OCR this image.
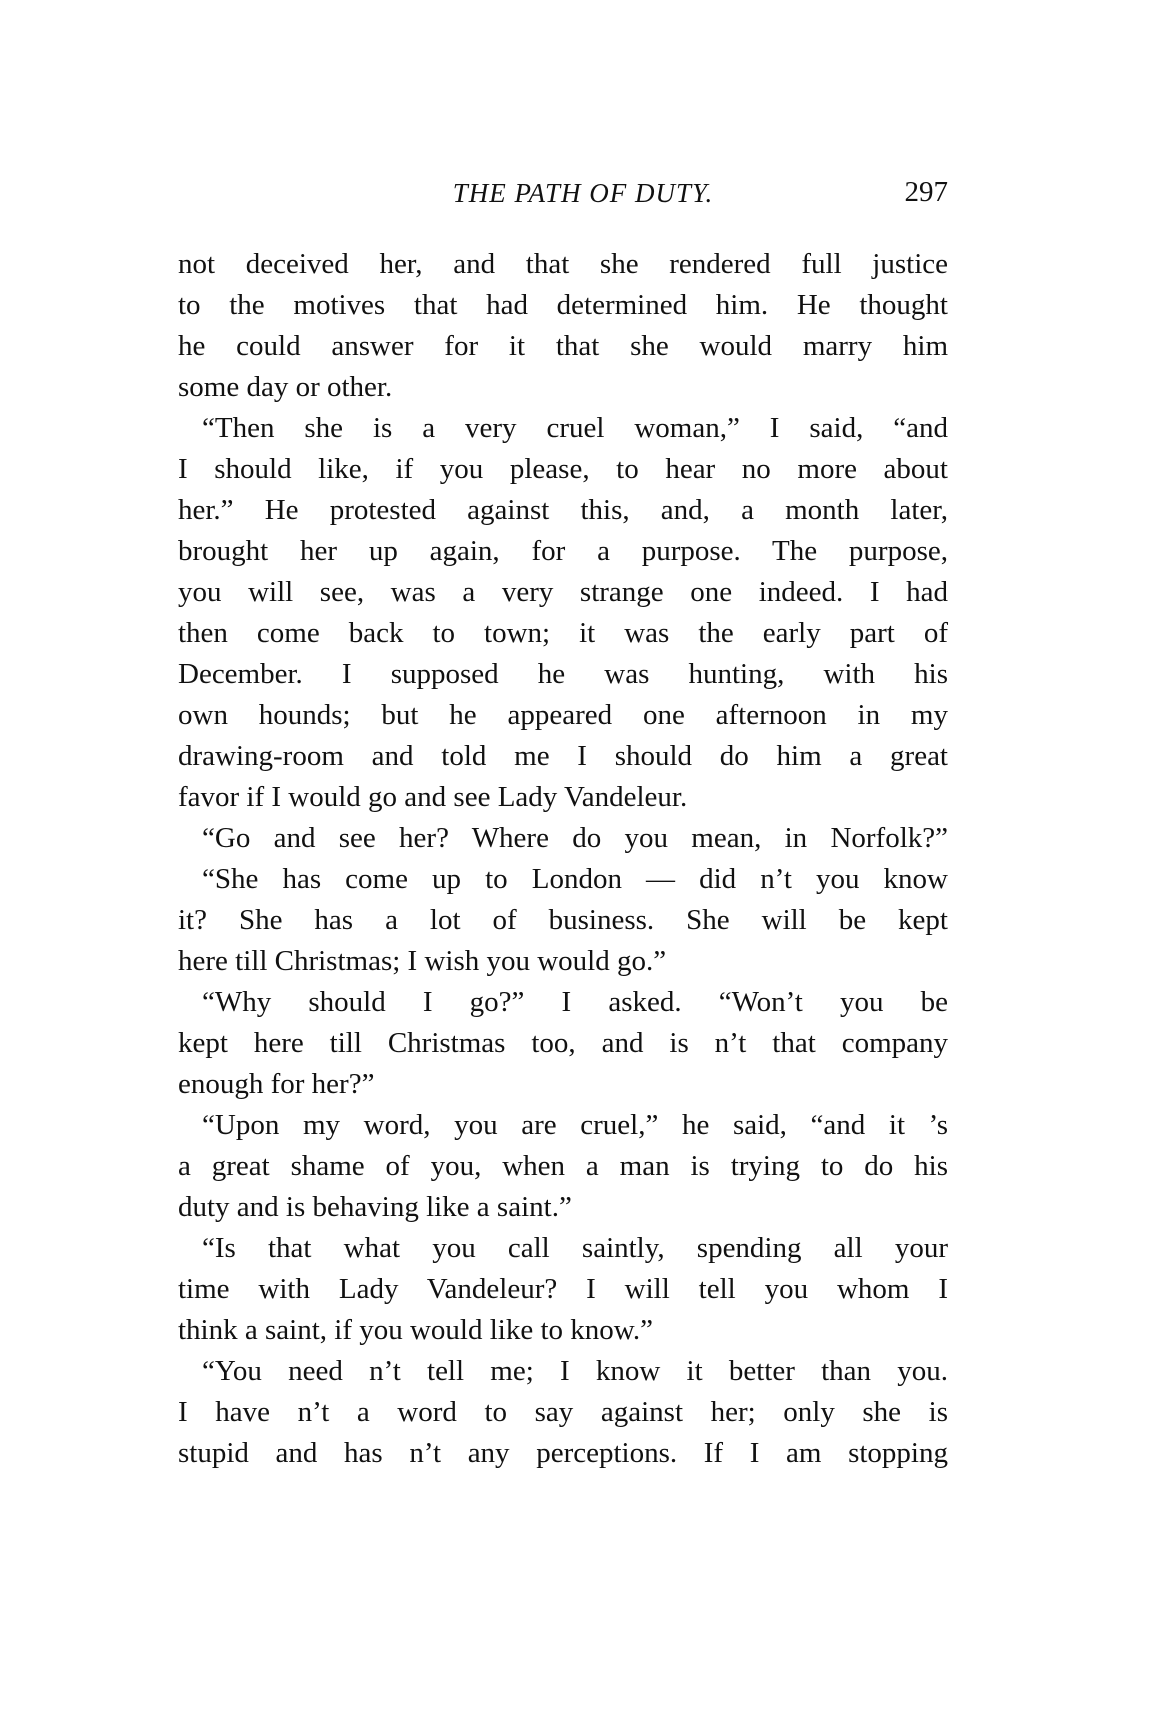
THE PATH OF DUTY.	297
not deceived her, and that she rendered full justice
to the motives that had determined him. He thought
he could answer for it that she would marry him
some day or other.
“Then she is a very cruel woman,” I said, “and
I should like, if you please, to hear no more about
her.” He protested against this, and, a month later,
brought her up again, for a purpose. The purpose,
you will see, was a very strange one indeed. I had
then come back to town; it was the early part of
December. I supposed he was hunting, with his
own hounds; but he appeared one afternoon in my
drawing-room and told me I should do him a great
favor if I would go and see Lady Vandeleur.
“Go and see her? Where do you mean, in Norfolk?”
“She has come up to London — did n’t you know
it? She has a lot of business. She will be kept
here till Christmas; I wish you would go.”
“Why should I go?” I asked. “Won’t you be
kept here till Christmas too, and is n’t that company
enough for her?”
“Upon my word, you are cruel,” he said, “and it ’s
a great shame of you, when a man is trying to do his
duty and is behaving like a saint.”
“Is that what you call saintly, spending all your
time with Lady Vandeleur? I will tell you whom I
think a saint, if you would like to know.”
“You need n’t tell me; I know it better than you.
I have n’t a word to say against her; only she is
stupid and has n’t any perceptions. If I am stopping
